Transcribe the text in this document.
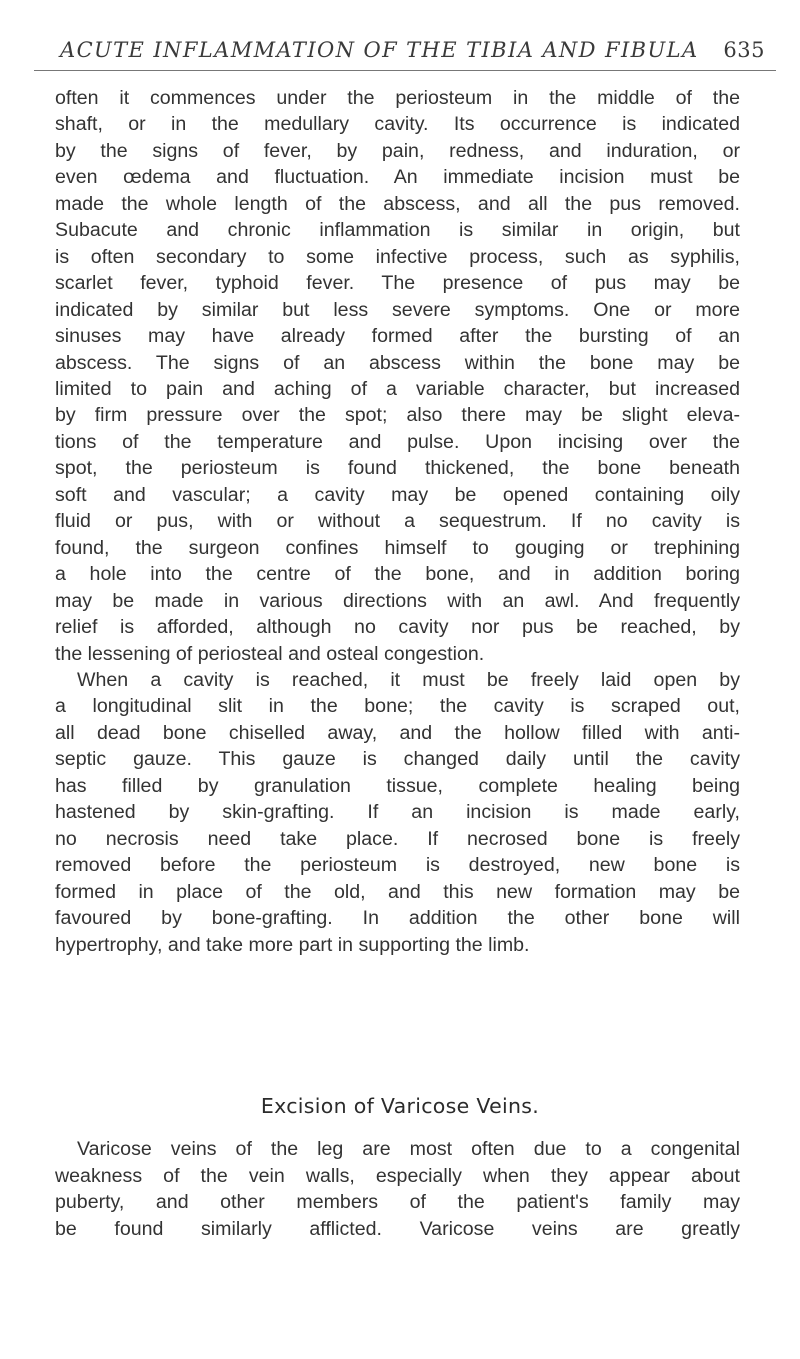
ACUTE INFLAMMATION OF THE TIBIA AND FIBULA 635
often it commences under the periosteum in the middle of the
shaft, or in the medullary cavity. Its occurrence is indicated
by the signs of fever, by pain, redness, and induration, or
even œdema and fluctuation. An immediate incision must be
made the whole length of the abscess, and all the pus removed.
Subacute and chronic inflammation is similar in origin, but
is often secondary to some infective process, such as syphilis,
scarlet fever, typhoid fever. The presence of pus may be
indicated by similar but less severe symptoms. One or more
sinuses may have already formed after the bursting of an
abscess. The signs of an abscess within the bone may be
limited to pain and aching of a variable character, but increased
by firm pressure over the spot; also there may be slight eleva-
tions of the temperature and pulse. Upon incising over the
spot, the periosteum is found thickened, the bone beneath
soft and vascular; a cavity may be opened containing oily
fluid or pus, with or without a sequestrum. If no cavity is
found, the surgeon confines himself to gouging or trephining
a hole into the centre of the bone, and in addition boring
may be made in various directions with an awl. And frequently
relief is afforded, although no cavity nor pus be reached, by
the lessening of periosteal and osteal congestion.
When a cavity is reached, it must be freely laid open by
a longitudinal slit in the bone; the cavity is scraped out,
all dead bone chiselled away, and the hollow filled with anti-
septic gauze. This gauze is changed daily until the cavity
has filled by granulation tissue, complete healing being
hastened by skin-grafting. If an incision is made early,
no necrosis need take place. If necrosed bone is freely
removed before the periosteum is destroyed, new bone is
formed in place of the old, and this new formation may be
favoured by bone-grafting. In addition the other bone will
hypertrophy, and take more part in supporting the limb.
Excision of Varicose Veins.
Varicose veins of the leg are most often due to a congenital
weakness of the vein walls, especially when they appear about
puberty, and other members of the patient's family may
be found similarly afflicted. Varicose veins are greatly
